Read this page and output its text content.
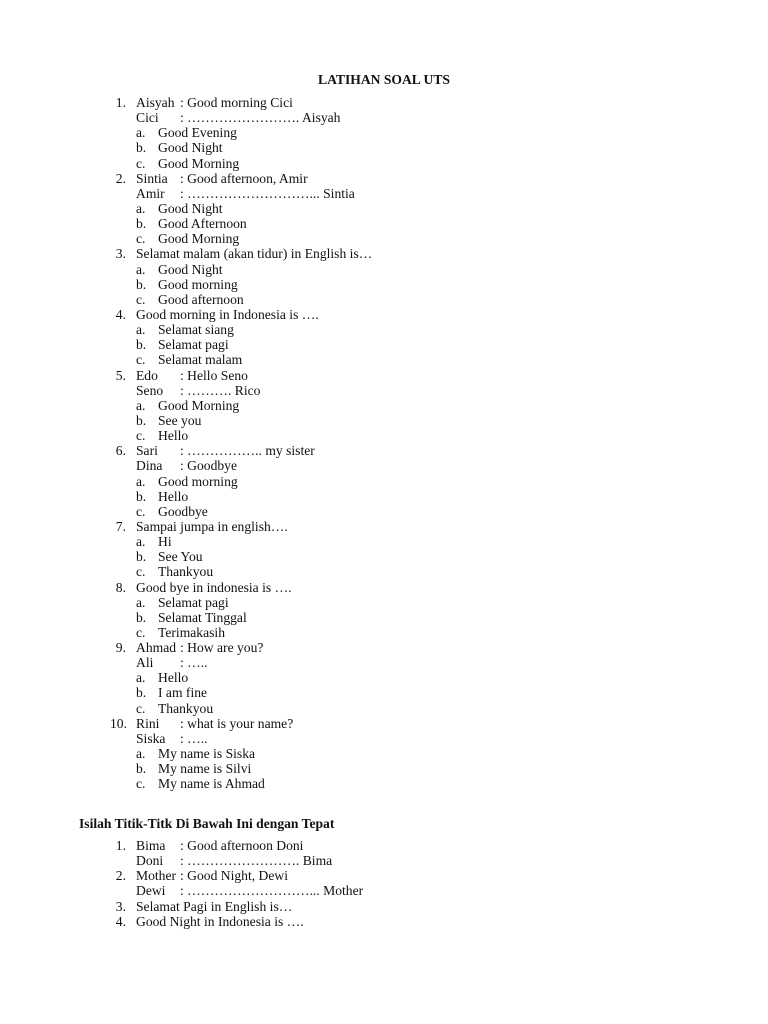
LATIHAN SOAL UTS
1. Aisyah : Good morning Cici
Cici : ……………………. Aisyah
a. Good Evening
b. Good Night
c. Good Morning
2. Sintia : Good afternoon, Amir
Amir : ………………………... Sintia
a. Good Night
b. Good Afternoon
c. Good Morning
3. Selamat malam (akan tidur) in English is…
a. Good Night
b. Good morning
c. Good afternoon
4. Good morning in Indonesia is ….
a. Selamat siang
b. Selamat pagi
c. Selamat malam
5. Edo : Hello Seno
Seno : ………. Rico
a. Good Morning
b. See you
c. Hello
6. Sari : …………….. my sister
Dina : Goodbye
a. Good morning
b. Hello
c. Goodbye
7. Sampai jumpa in english….
a. Hi
b. See You
c. Thankyou
8. Good bye in indonesia is ….
a. Selamat pagi
b. Selamat Tinggal
c. Terimakasih
9. Ahmad : How are you?
Ali : …..
a. Hello
b. I am fine
c. Thankyou
10. Rini : what is your name?
Siska : …..
a. My name is Siska
b. My name is Silvi
c. My name is Ahmad
Isilah Titik-Titk Di Bawah Ini dengan Tepat
1. Bima : Good afternoon Doni
Doni : ……………………. Bima
2. Mother : Good Night, Dewi
Dewi : ………………………... Mother
3. Selamat Pagi in English is…
4. Good Night in Indonesia is ….
